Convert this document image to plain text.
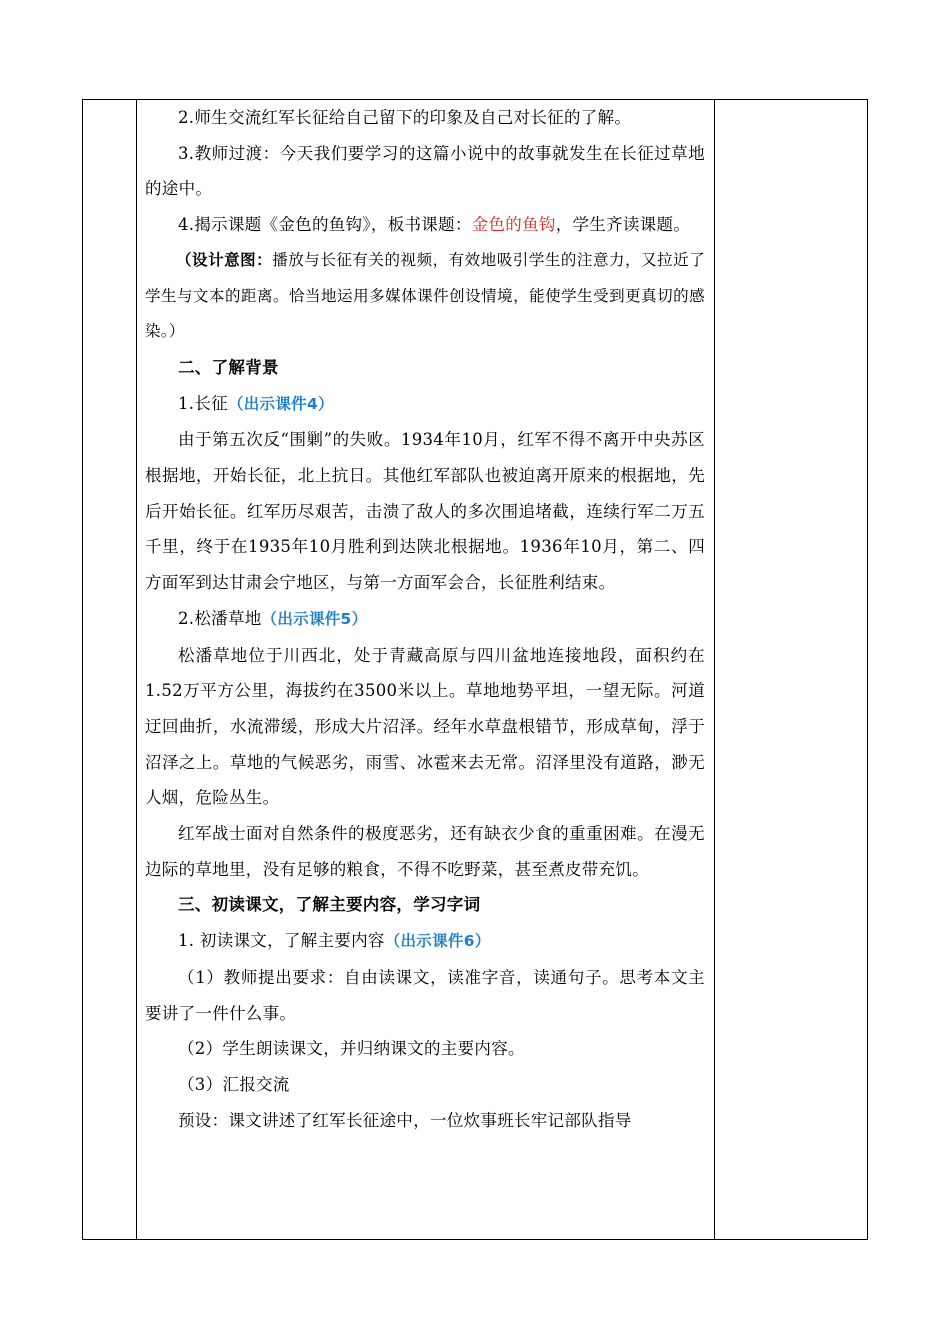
2.师生交流红军长征给自己留下的印象及自己对长征的了解。

3.教师过渡：今天我们要学习的这篇小说中的故事就发生在长征过草地的途中。

4.揭示课题《金色的鱼钩》，板书课题：金色的鱼钩，学生齐读课题。

（设计意图：播放与长征有关的视频，有效地吸引学生的注意力，又拉近了学生与文本的距离。恰当地运用多媒体课件创设情境，能使学生受到更真切的感染。）

二、了解背景

1.长征（出示课件4）

由于第五次反“围剿”的失败。1934年10月，红军不得不离开中央苏区根据地，开始长征，北上抗日。其他红军部队也被迫离开原来的根据地，先后开始长征。红军历尽艰苦，击溃了敌人的多次围追堵截，连续行军二万五千里，终于在1935年10月胜利到达陕北根据地。1936年10月，第二、四方面军到达甘肃会宁地区，与第一方面军会合，长征胜利结束。

2.松潘草地（出示课件5）

松潘草地位于川西北，处于青藏高原与四川盆地连接地段，面积约在1.52万平方公里，海拔约在3500米以上。草地地势平坦，一望无际。河道迂回曲折，水流滞缓，形成大片沼泽。经年水草盘根错节，形成草甸，浮于沼泽之上。草地的气候恶劣，雨雪、冰雹来去无常。沼泽里没有道路，渺无人烟，危险丛生。

红军战士面对自然条件的极度恶劣，还有缺衣少食的重重困难。在漫无边际的草地里，没有足够的粮食，不得不吃野菜，甚至煮皮带充饥。

三、初读课文，了解主要内容，学习字词

1. 初读课文，了解主要内容（出示课件6）

（1）教师提出要求：自由读课文，读准字音，读通句子。思考本文主要讲了一件什么事。

（2）学生朗读课文，并归纳课文的主要内容。

（3）汇报交流

预设：课文讲述了红军长征途中，一位炊事班长牢记部队指导
